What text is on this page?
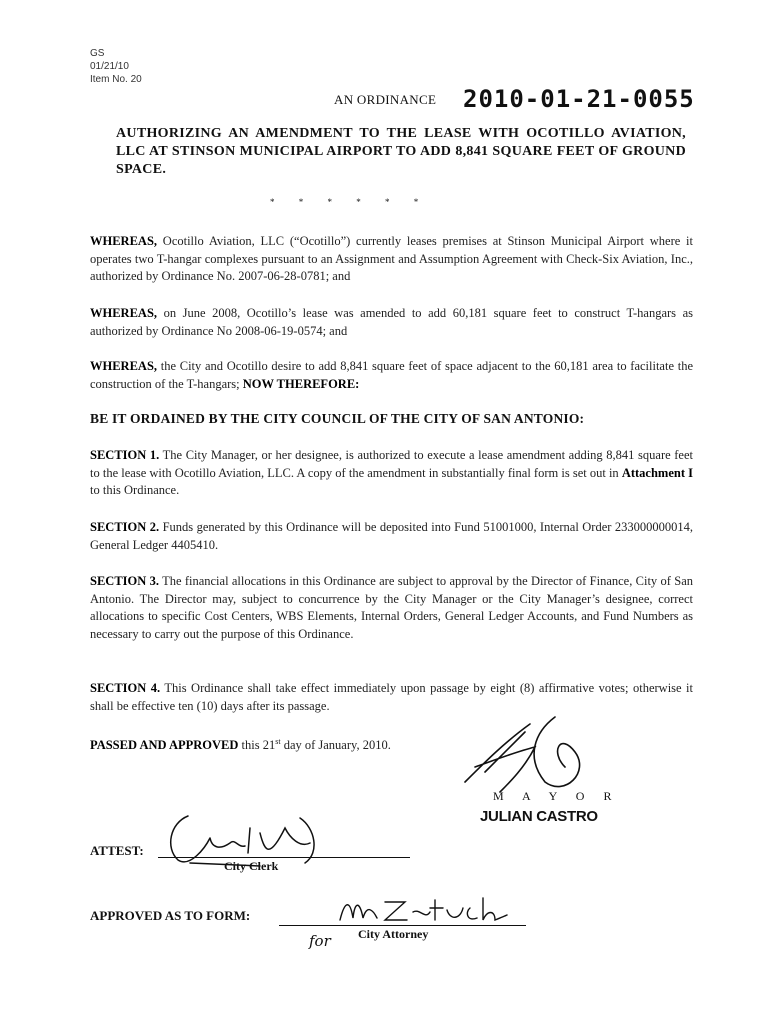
GS
01/21/10
Item No. 20
AN ORDINANCE 2010-01-21-0055
AUTHORIZING AN AMENDMENT TO THE LEASE WITH OCOTILLO AVIATION, LLC AT STINSON MUNICIPAL AIRPORT TO ADD 8,841 SQUARE FEET OF GROUND SPACE.
* * * * * *
WHEREAS, Ocotillo Aviation, LLC (“Ocotillo”) currently leases premises at Stinson Municipal Airport where it operates two T-hangar complexes pursuant to an Assignment and Assumption Agreement with Check-Six Aviation, Inc., authorized by Ordinance No. 2007-06-28-0781; and
WHEREAS, on June 2008, Ocotillo’s lease was amended to add 60,181 square feet to construct T-hangars as authorized by Ordinance No 2008-06-19-0574; and
WHEREAS, the City and Ocotillo desire to add 8,841 square feet of space adjacent to the 60,181 area to facilitate the construction of the T-hangars; NOW THEREFORE:
BE IT ORDAINED BY THE CITY COUNCIL OF THE CITY OF SAN ANTONIO:
SECTION 1. The City Manager, or her designee, is authorized to execute a lease amendment adding 8,841 square feet to the lease with Ocotillo Aviation, LLC. A copy of the amendment in substantially final form is set out in Attachment I to this Ordinance.
SECTION 2. Funds generated by this Ordinance will be deposited into Fund 51001000, Internal Order 233000000014, General Ledger 4405410.
SECTION 3. The financial allocations in this Ordinance are subject to approval by the Director of Finance, City of San Antonio. The Director may, subject to concurrence by the City Manager or the City Manager’s designee, correct allocations to specific Cost Centers, WBS Elements, Internal Orders, General Ledger Accounts, and Fund Numbers as necessary to carry out the purpose of this Ordinance.
SECTION 4. This Ordinance shall take effect immediately upon passage by eight (8) affirmative votes; otherwise it shall be effective ten (10) days after its passage.
PASSED AND APPROVED this 21st day of January, 2010.
M A Y O R
JULIAN CASTRO
ATTEST:
City Clerk
APPROVED AS TO FORM:
for City Attorney
